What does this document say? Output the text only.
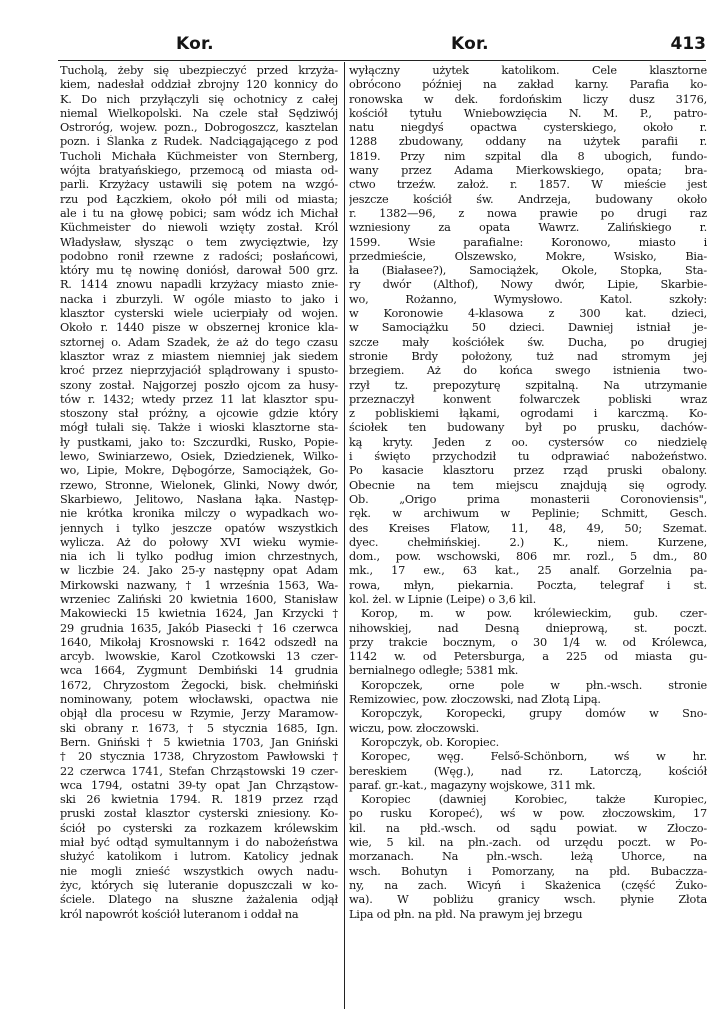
Kor.	Kor.	413
Tucholą, żeby się ubezpieczyć przed krzyża-
kiem, nadesłał oddział zbrojny 120 konnicy do
K. Do nich przyłączyli się ochotnicy z całej
niemal Wielkopolski. Na czele stał Sędziwój
Ostroróg, wojew. pozn., Dobrogoszcz, kasztelan
pozn. i Ślanka z Rudek. Nadciągającego z pod
Tucholi Michała Küchmeister von Sternberg,
wójta bratyańskiego, przemocą od miasta od-
parli. Krzyżacy ustawili się potem na wzgó-
rzu pod Łączkiem, około pół mili od miasta;
ale i tu na głowę pobici; sam wódz ich Michał
Küchmeister do niewoli wzięty został. Król
Władysław, słysząc o tem zwycięztwie, łzy
podobno ronił rzewne z radości; posłańcowi,
który mu tę nowinę doniósł, darował 500 grz.
R. 1414 znowu napadli krzyżacy miasto znie-
nacka i zburzyli. W ogóle miasto to jako i
klasztor cysterski wiele ucierpiały od wojen.
Około r. 1440 pisze w obszernej kronice kla-
sztornej o. Adam Szadek, że aż do tego czasu
klasztor wraz z miastem niemniej jak siedem
kroć przez nieprzyjaciół splądrowany i spusto-
szony został. Najgorzej poszło ojcom za husy-
tów r. 1432; wtedy przez 11 lat klasztor spu-
stoszony stał próżny, a ojcowie gdzie który
mógł tułali się. Także i wioski klasztorne sta-
ły pustkami, jako to: Szczurdki, Rusko, Popie-
lewo, Swiniarzewo, Osiek, Dziedzienek, Wilko-
wo, Lipie, Mokre, Dębogórze, Samociążek, Go-
rzewo, Stronne, Wielonek, Glinki, Nowy dwór,
Skarbiewo, Jelitowo, Nasłana łąka. Następ-
nie krótka kronika milczy o wypadkach wo-
jennych i tylko jeszcze opatów wszystkich
wylicza. Aż do połowy XVI wieku wymie-
nia ich li tylko podług imion chrzestnych,
w liczbie 24. Jako 25-y następny opat Adam
Mirkowski nazwany, † 1 września 1563, Wa-
wrzeniec Zaliński 20 kwietnia 1600, Stanisław
Makowiecki 15 kwietnia 1624, Jan Krzycki †
29 grudnia 1635, Jakób Piasecki † 16 czerwca
1640, Mikołaj Krosnowski r. 1642 odszedł na
arcyb. lwowskie, Karol Czotkowski 13 czer-
wca 1664, Zygmunt Dembiński 14 grudnia
1672, Chryzostom Żegocki, bisk. chełmiński
nominowany, potem włocławski, opactwa nie
objął dla procesu w Rzymie, Jerzy Maramow-
ski obrany r. 1673, † 5 stycznia 1685, Ign.
Bern. Gniński † 5 kwietnia 1703, Jan Gniński
† 20 stycznia 1738, Chryzostom Pawłowski †
22 czerwca 1741, Stefan Chrząstowski 19 czer-
wca 1794, ostatni 39-ty opat Jan Chrząstow-
ski 26 kwietnia 1794. R. 1819 przez rząd
pruski został klasztor cysterski zniesiony. Ko-
ściół po cysterski za rozkazem królewskim
miał być odtąd symultannym i do nabożeństwa
służyć katolikom i lutrom. Katolicy jednak
nie mogli znieść wszystkich owych nadu-
życ, których się luteranie dopuszczali w ko-
ściele. Dlatego na słuszne żażalenia odjął
król napowrót kościół luteranom i oddał na
wyłączny użytek katolikom. Cele klasztorne
obrócono później na zakład karny. Parafia ko-
ronowska w dek. fordońskim liczy dusz 3176,
kościół tytułu Wniebowzięcia N. M. P., patro-
natu niegdyś opactwa cysterskiego, około r.
1288 zbudowany, oddany na użytek parafii r.
1819. Przy nim szpital dla 8 ubogich, fundo-
wany przez Adama Mierkowskiego, opata; bra-
ctwo trzeźw. założ. r. 1857. W mieście jest
jeszcze kościół św. Andrzeja, budowany około
r. 1382—96, z nowa prawie po drugi raz
wzniesiony za opata Wawrz. Zalińskiego r.
1599. Wsie parafialne: Koronowo, miasto i
przedmieście, Olszewsko, Mokre, Wsisko, Bia-
ła (Białasee?), Samociążek, Okole, Stopka, Sta-
ry dwór (Althof), Nowy dwór, Lipie, Skarbie-
wo, Rożanno, Wymysłowo. Katol. szkoły:
w Koronowie 4-klasowa z 300 kat. dzieci,
w Samociążku 50 dzieci. Dawniej istniał je-
szcze mały kościółek św. Ducha, po drugiej
stronie Brdy położony, tuż nad stromym jej
brzegiem. Aż do końca swego istnienia two-
rzył tz. prepozyturę szpitalną. Na utrzymanie
przeznaczył konwent folwarczek pobliski wraz
z pobliskiemi łąkami, ogrodami i karczmą. Ko-
ściołek ten budowany był po prusku, dachów-
ką kryty. Jeden z oo. cystersów co niedzielę
i święto przychodził tu odprawiać nabożeństwo.
Po kasacie klasztoru przez rząd pruski obalony.
Obecnie na tem miejscu znajdują się ogrody.
Ob. „Origo prima monasterii Coronoviensis",
ręk. w archiwum w Peplinie; Schmitt, Gesch.
des Kreises Flatow, 11, 48, 49, 50; Szemat.
dyec. chełmińskiej. 2.) K., niem. Kurzene,
dom., pow. wschowski, 806 mr. rozl., 5 dm., 80
mk., 17 ew., 63 kat., 25 analf. Gorzelnia pa-
rowa, młyn, piekarnia. Poczta, telegraf i st.
kol. żel. w Lipnie (Leipe) o 3,6 kil.
Korop, m. w pow. królewieckim, gub. czer-
nihowskiej, nad Desną dnieprową, st. poczt.
przy trakcie bocznym, o 30 1/4 w. od Królewca,
1142 w. od Petersburga, a 225 od miasta gu-
bernialnego odległe; 5381 mk.
Koropczek, orne pole w płn.-wsch. stronie
Remizowiec, pow. złoczowski, nad Złotą Lipą.
Koropczyk, Koropecki, grupy domów w Sno-
wiczu, pow. złoczowski.
Koropczyk, ob. Koropiec.
Koropec, węg. Felső-Schönborn, wś w hr.
bereskiem (Węg.), nad rz. Latorczą, kościół
paraf. gr.-kat., magazyny wojskowe, 311 mk.
Koropiec (dawniej Korobiec, także Kuropiec,
po rusku Koropeć), wś w pow. złoczowskim, 17
kil. na płd.-wsch. od sądu powiat. w Złoczo-
wie, 5 kil. na płn.-zach. od urzędu poczt. w Po-
morzanach. Na płn.-wsch. leżą Uhorce, na
wsch. Bohutyn i Pomorzany, na płd. Bubaczza-
ny, na zach. Wicyń i Skażenica (część Żuko-
wa). W pobliżu granicy wsch. płynie Złota
Lipa od płn. na płd. Na prawym jej brzegu
